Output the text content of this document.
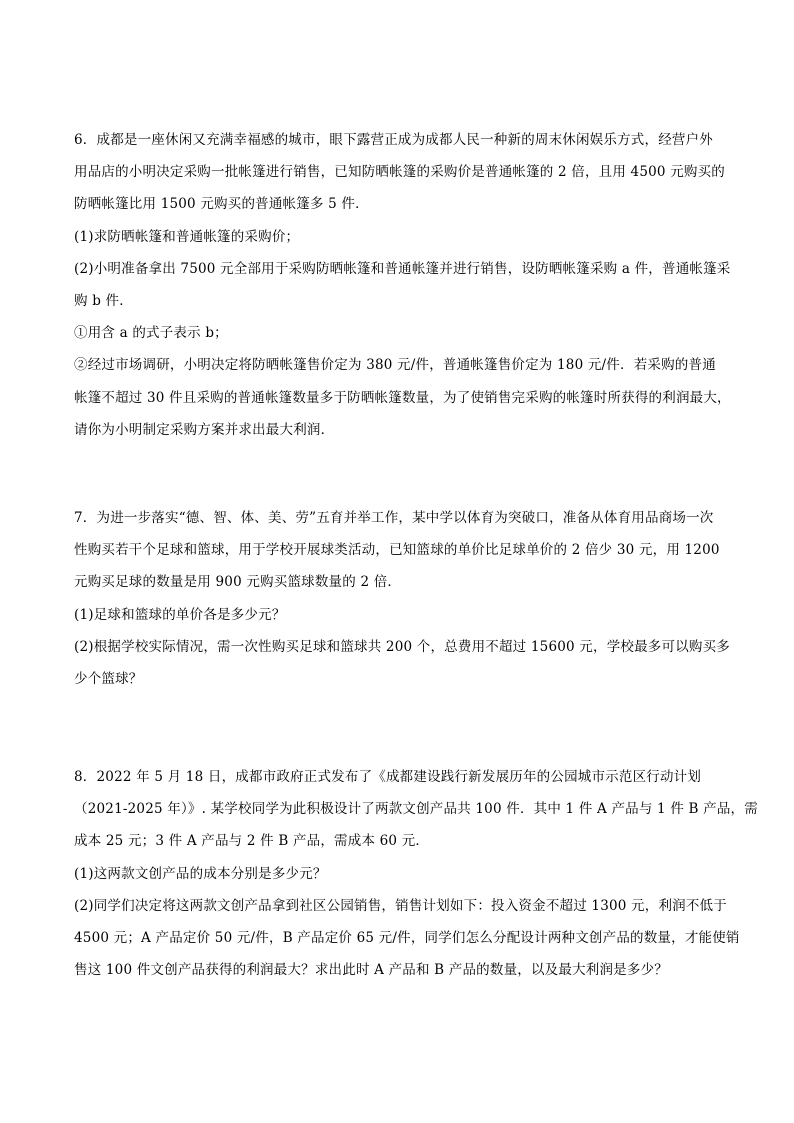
6．成都是一座休闲又充满幸福感的城市，眼下露营正成为成都人民一种新的周末休闲娱乐方式，经营户外
用品店的小明决定采购一批帐篷进行销售，已知防晒帐篷的采购价是普通帐篷的 2 倍，且用 4500 元购买的
防晒帐篷比用 1500 元购买的普通帐篷多 5 件．
(1)求防晒帐篷和普通帐篷的采购价；
(2)小明准备拿出 7500 元全部用于采购防晒帐篷和普通帐篷并进行销售，设防晒帐篷采购 a 件，普通帐篷采
购 b 件．
①用含 a 的式子表示 b；
②经过市场调研，小明决定将防晒帐篷售价定为 380 元/件，普通帐篷售价定为 180 元/件．若采购的普通
帐篷不超过 30 件且采购的普通帐篷数量多于防晒帐篷数量，为了使销售完采购的帐篷时所获得的利润最大，
请你为小明制定采购方案并求出最大利润．
7．为进一步落实“德、智、体、美、劳”五育并举工作，某中学以体育为突破口，准备从体育用品商场一次
性购买若干个足球和篮球，用于学校开展球类活动，已知篮球的单价比足球单价的 2 倍少 30 元，用 1200
元购买足球的数量是用 900 元购买篮球数量的 2 倍．
(1)足球和篮球的单价各是多少元？
(2)根据学校实际情况，需一次性购买足球和篮球共 200 个，总费用不超过 15600 元，学校最多可以购买多
少个篮球？
8．2022 年 5 月 18 日，成都市政府正式发布了《成都建设践行新发展历年的公园城市示范区行动计划
（2021-2025 年）》. 某学校同学为此积极设计了两款文创产品共 100 件．其中 1 件 A 产品与 1 件 B 产品，需
成本 25 元；3 件 A 产品与 2 件 B 产品，需成本 60 元．
(1)这两款文创产品的成本分别是多少元？
(2)同学们决定将这两款文创产品拿到社区公园销售，销售计划如下：投入资金不超过 1300 元，利润不低于
4500 元；A 产品定价 50 元/件，B 产品定价 65 元/件，同学们怎么分配设计两种文创产品的数量，才能使销
售这 100 件文创产品获得的利润最大？求出此时 A 产品和 B 产品的数量，以及最大利润是多少？
